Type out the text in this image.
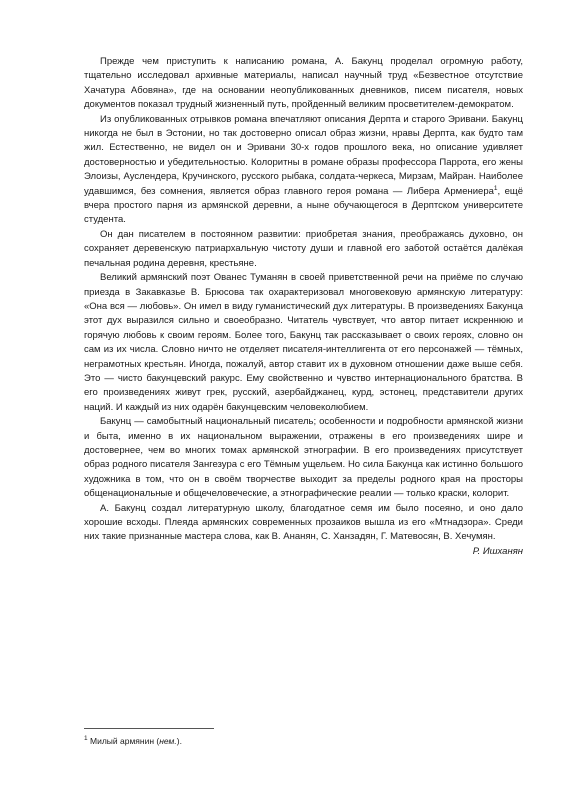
Прежде чем приступить к написанию романа, А. Бакунц проделал огромную работу, тщательно исследовал архивные материалы, написал научный труд «Безвестное отсутствие Хачатура Абовяна», где на основании неопубликованных дневников, писем писателя, новых документов показал трудный жизненный путь, пройденный великим просветителем-демократом.

Из опубликованных отрывков романа впечатляют описания Дерпта и старого Эривани. Бакунц никогда не был в Эстонии, но так достоверно описал образ жизни, нравы Дерпта, как будто там жил. Естественно, не видел он и Эривани 30-х годов прошлого века, но описание удивляет достоверностью и убедительностью. Колоритны в романе образы профессора Паррота, его жены Элоизы, Ауслендера, Кручинского, русского рыбака, солдата-черкеса, Мирзам, Майран. Наиболее удавшимся, без сомнения, является образ главного героя романа — Либера Армениера$^1$, ещё вчера простого парня из армянской деревни, а ныне обучающегося в Дерптском университете студента.

Он дан писателем в постоянном развитии: приобретая знания, преображаясь духовно, он сохраняет деревенскую патриархальную чистоту души и главной его заботой остаётся далёкая печальная родина деревня, крестьяне.

Великий армянский поэт Ованес Туманян в своей приветственной речи на приёме по случаю приезда в Закавказье В. Брюсова так охарактеризовал многовековую армянскую литературу: «Она вся — любовь». Он имел в виду гуманистический дух литературы. В произведениях Бакунца этот дух выразился сильно и своеобразно. Читатель чувствует, что автор питает искреннюю и горячую любовь к своим героям. Более того, Бакунц так рассказывает о своих героях, словно он сам из их числа. Словно ничто не отделяет писателя-интеллигента от его персонажей — тёмных, неграмотных крестьян. Иногда, пожалуй, автор ставит их в духовном отношении даже выше себя. Это — чисто бакунцевский ракурс. Ему свойственно и чувство интернационального братства. В его произведениях живут грек, русский, азербайджанец, курд, эстонец, представители других наций. И каждый из них одарён бакунцевским человеколюбием.

Бакунц — самобытный национальный писатель; особенности и подробности армянской жизни и быта, именно в их национальном выражении, отражены в его произведениях шире и достовернее, чем во многих томах армянской этнографии. В его произведениях присутствует образ родного писателя Зангезура с его Тёмным ущельем. Но сила Бакунца как истинно большого художника в том, что он в своём творчестве выходит за пределы родного края на просторы общенациональные и общечеловеческие, а этнографические реалии — только краски, колорит.

А. Бакунц создал литературную школу, благодатное семя им было посеяно, и оно дало хорошие всходы. Плеяда армянских современных прозаиков вышла из его «Мтнадзора». Среди них такие признанные мастера слова, как В. Ананян, С. Ханзадян, Г. Матевосян, В. Хечумян.

Р. Ишханян

$^1$ Милый армянин (нем.).
